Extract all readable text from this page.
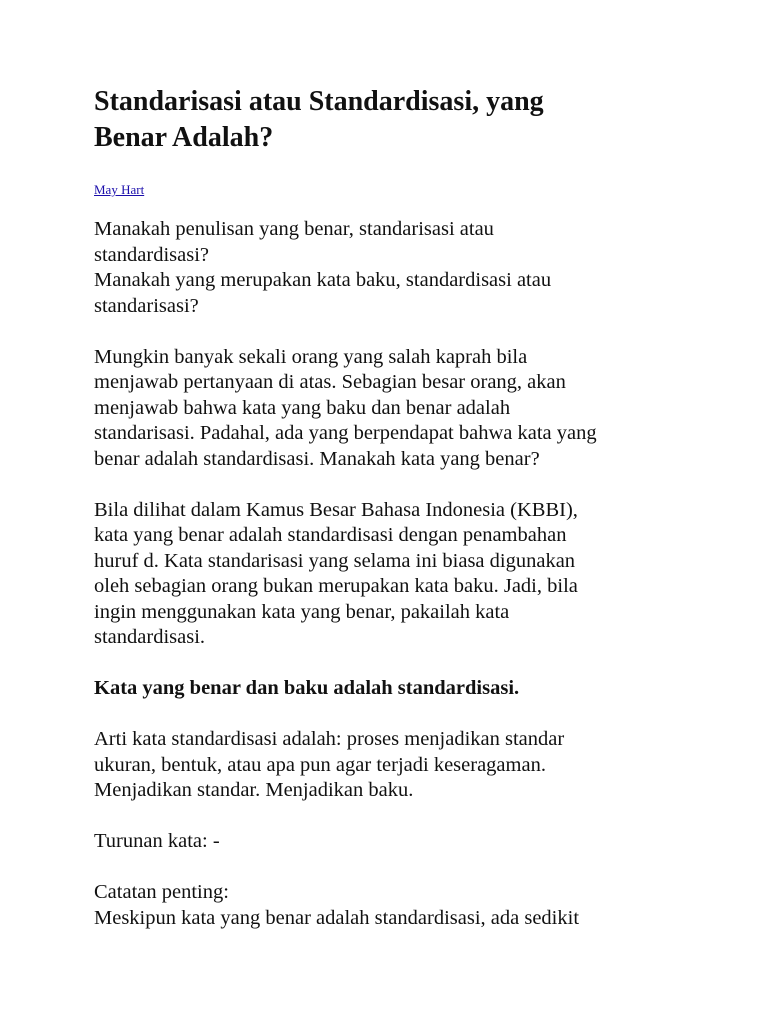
Standarisasi atau Standardisasi, yang
Benar Adalah?
May Hart

Manakah penulisan yang benar, standarisasi atau
standardisasi?
Manakah yang merupakan kata baku, standardisasi atau
standarisasi?

Mungkin banyak sekali orang yang salah kaprah bila
menjawab pertanyaan di atas. Sebagian besar orang, akan
menjawab bahwa kata yang baku dan benar adalah
standarisasi. Padahal, ada yang berpendapat bahwa kata yang
benar adalah standardisasi. Manakah kata yang benar?

Bila dilihat dalam Kamus Besar Bahasa Indonesia (KBBI),
kata yang benar adalah standardisasi dengan penambahan
huruf d. Kata standarisasi yang selama ini biasa digunakan
oleh sebagian orang bukan merupakan kata baku. Jadi, bila
ingin menggunakan kata yang benar, pakailah kata
standardisasi.

Kata yang benar dan baku adalah standardisasi.

Arti kata standardisasi adalah: proses menjadikan standar
ukuran, bentuk, atau apa pun agar terjadi keseragaman.
Menjadikan standar. Menjadikan baku.

Turunan kata: -

Catatan penting:
Meskipun kata yang benar adalah standardisasi, ada sedikit
